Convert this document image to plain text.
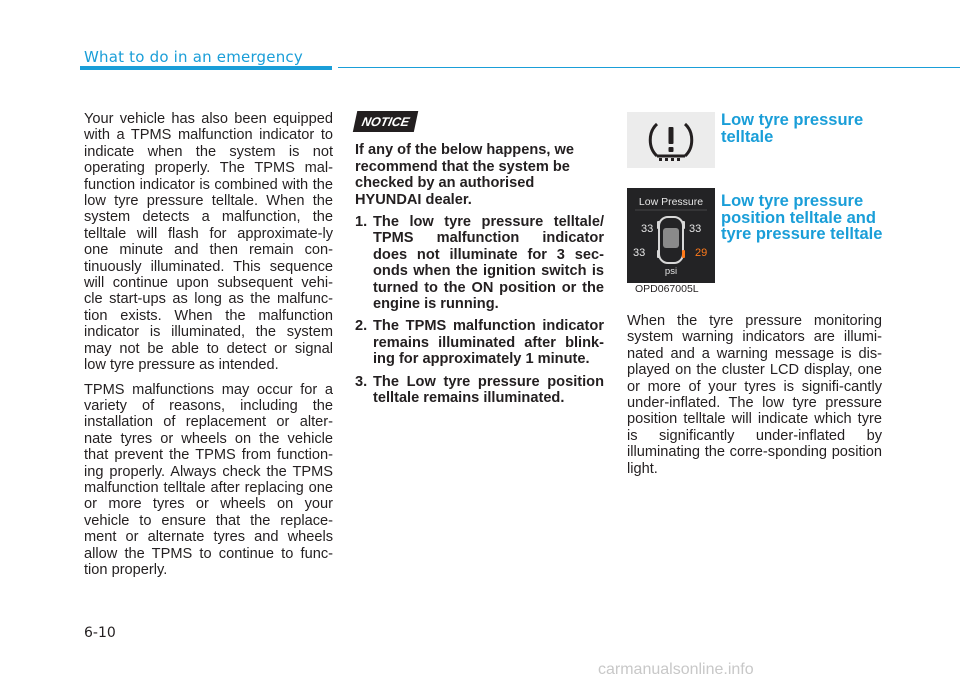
What to do in an emergency

Your vehicle has also been equipped with a TPMS malfunction indicator to indicate when the system is not operating properly. The TPMS mal-function indicator is combined with the low tyre pressure telltale. When the system detects a malfunction, the telltale will flash for approximate-ly one minute and then remain con-tinuously illuminated. This sequence will continue upon subsequent vehi-cle start-ups as long as the malfunc-tion exists. When the malfunction indicator is illuminated, the system may not be able to detect or signal low tyre pressure as intended.

TPMS malfunctions may occur for a variety of reasons, including the installation of replacement or alter-nate tyres or wheels on the vehicle that prevent the TPMS from function-ing properly. Always check the TPMS malfunction telltale after replacing one or more tyres or wheels on your vehicle to ensure that the replace-ment or alternate tyres and wheels allow the TPMS to continue to func-tion properly.

NOTICE

If any of the below happens, we recommend that the system be checked by an authorised HYUNDAI dealer.

1. The low tyre pressure telltale/ TPMS malfunction indicator does not illuminate for 3 sec-onds when the ignition switch is turned to the ON position or the engine is running.
2. The TPMS malfunction indicator remains illuminated after blink-ing for approximately 1 minute.
3. The Low tyre pressure position telltale remains illuminated.
Low tyre pressure telltale
Low Pressure
33	33
33	29
psi
OPD067005L
Low tyre pressure position telltale and tyre pressure telltale
When the tyre pressure monitoring system warning indicators are illumi-nated and a warning message is dis-played on the cluster LCD display, one or more of your tyres is signifi-cantly under-inflated. The low tyre pressure position telltale will indicate which tyre is significantly under-inflated by illuminating the corre-sponding position light.
6-10
carmanualsonline.info
